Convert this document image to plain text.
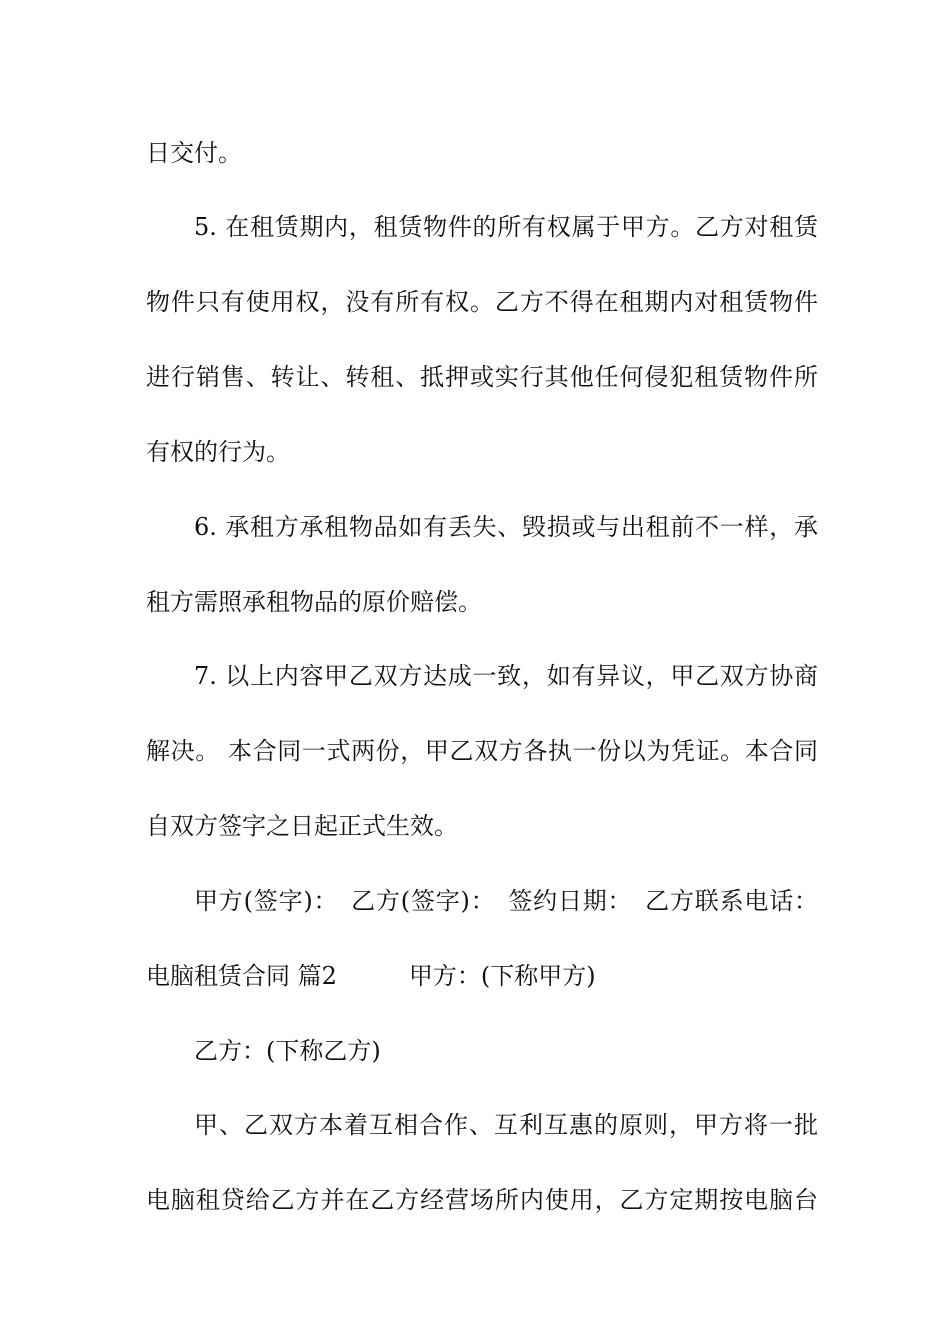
日交付。
5. 在租赁期内，租赁物件的所有权属于甲方。乙方对租赁
物件只有使用权，没有所有权。乙方不得在租期内对租赁物件
进行销售、转让、转租、抵押或实行其他任何侵犯租赁物件所
有权的行为。
6. 承租方承租物品如有丢失、毁损或与出租前不一样，承
租方需照承租物品的原价赔偿。
7. 以上内容甲乙双方达成一致，如有异议，甲乙双方协商
解决。 本合同一式两份，甲乙双方各执一份以为凭证。本合同
自双方签字之日起正式生效。
甲方(签字)：　乙方(签字)：　签约日期：　乙方联系电话：
电脑租赁合同 篇2　　　甲方：(下称甲方)
乙方：(下称乙方)
甲、乙双方本着互相合作、互利互惠的原则，甲方将一批
电脑租贷给乙方并在乙方经营场所内使用，乙方定期按电脑台
